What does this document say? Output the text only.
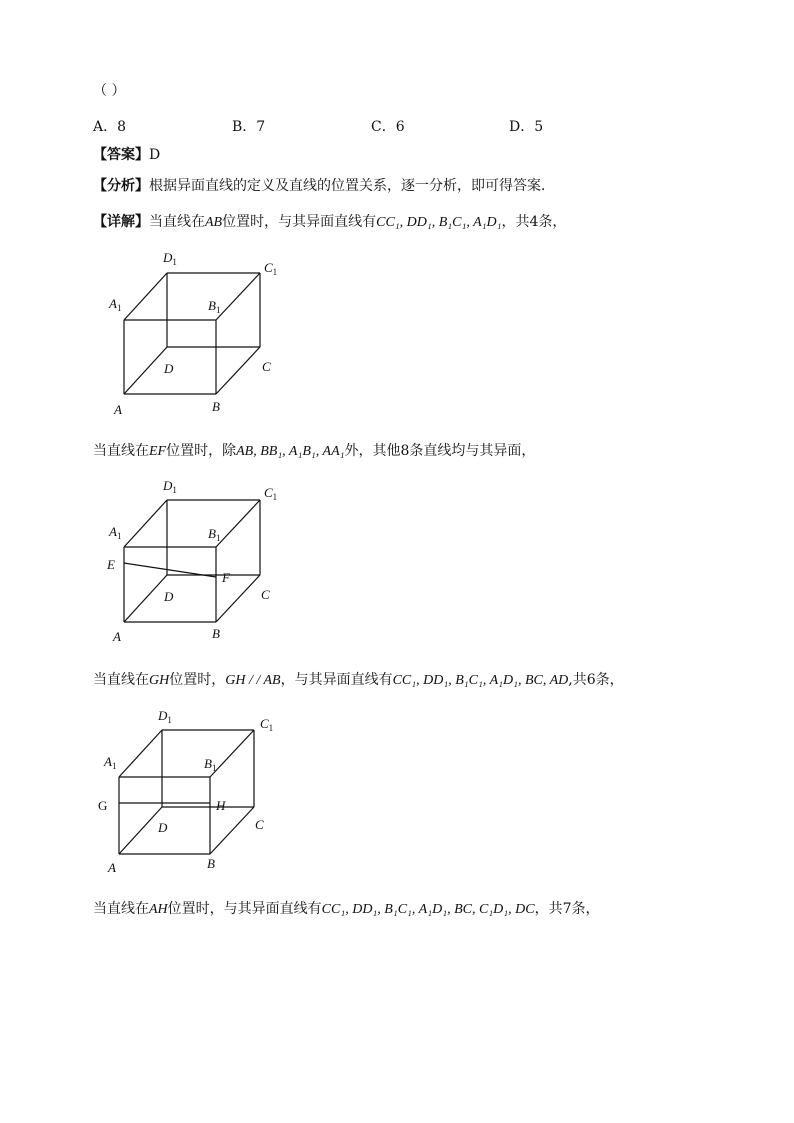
（ ）
A．8	B．7	C．6	D．5
【答案】D
【分析】根据异面直线的定义及直线的位置关系，逐一分析，即可得答案.
【详解】当直线在AB位置时，与其异面直线有CC₁, DD₁, B₁C₁, A₁D₁，共4条，
$D_1$	$C_1$
$A_1$	$B_1$
D	C
A	B
当直线在EF位置时，除AB, BB₁, A₁B₁, AA₁外，其他8条直线均与其异面，
$D_1$	$C_1$
$A_1$	$B_1$
E
F
D	C
A	B
当直线在GH位置时，GH / / AB，与其异面直线有CC₁, DD₁, B₁C₁, A₁D₁, BC, AD,共6条，
$D_1$	$C_1$
$A_1$	$B_1$
G	H
D	C
A	B
当直线在AH位置时，与其异面直线有CC₁, DD₁, B₁C₁, A₁D₁, BC, C₁D₁, DC，共7条，
